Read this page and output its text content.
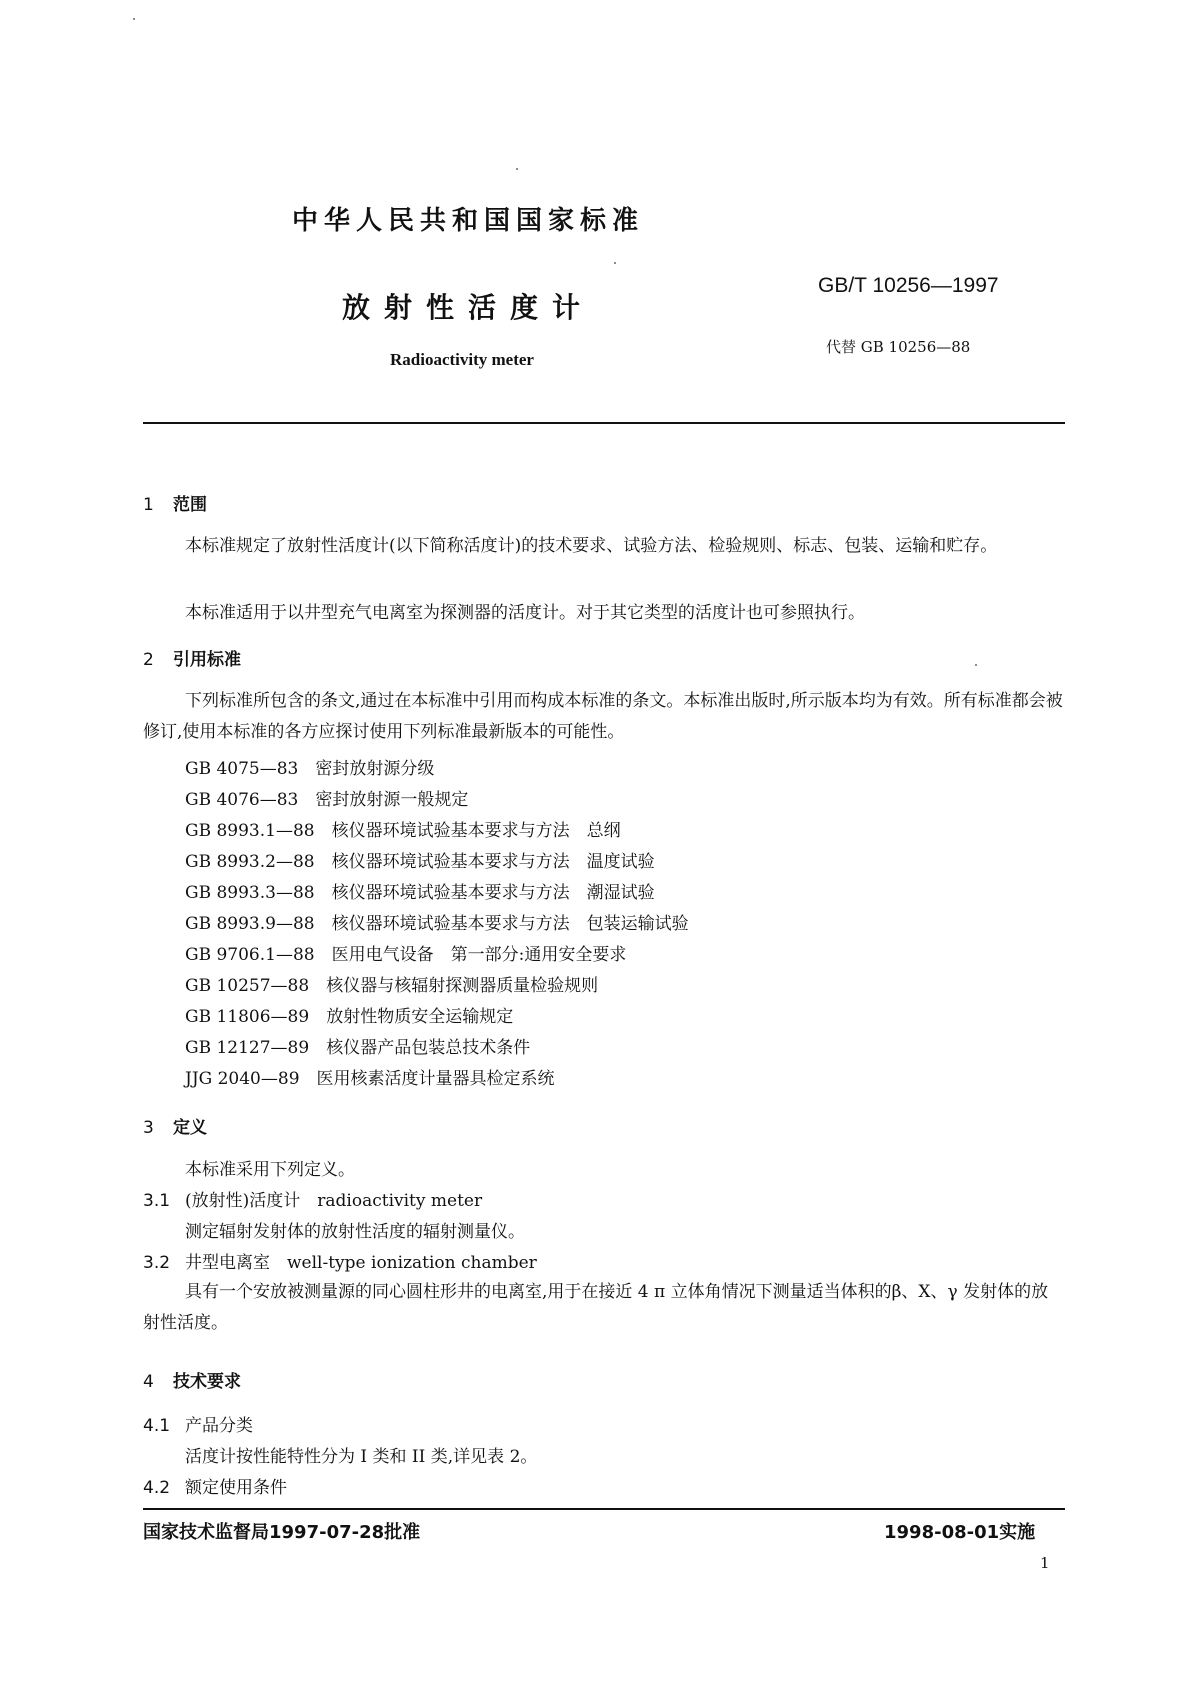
中华人民共和国国家标准
放射性活度计
Radioactivity meter
GB/T 10256—1997
代替 GB 10256—88
1 范围
本标准规定了放射性活度计(以下简称活度计)的技术要求、试验方法、检验规则、标志、包装、运输和贮存。
本标准适用于以井型充气电离室为探测器的活度计。对于其它类型的活度计也可参照执行。
2 引用标准
下列标准所包含的条文,通过在本标准中引用而构成本标准的条文。本标准出版时,所示版本均为有效。所有标准都会被修订,使用本标准的各方应探讨使用下列标准最新版本的可能性。
GB 4075—83　密封放射源分级
GB 4076—83　密封放射源一般规定
GB 8993.1—88　核仪器环境试验基本要求与方法　总纲
GB 8993.2—88　核仪器环境试验基本要求与方法　温度试验
GB 8993.3—88　核仪器环境试验基本要求与方法　潮湿试验
GB 8993.9—88　核仪器环境试验基本要求与方法　包装运输试验
GB 9706.1—88　医用电气设备　第一部分:通用安全要求
GB 10257—88　核仪器与核辐射探测器质量检验规则
GB 11806—89　放射性物质安全运输规定
GB 12127—89　核仪器产品包装总技术条件
JJG 2040—89　医用核素活度计量器具检定系统
3 定义
本标准采用下列定义。
3.1 (放射性)活度计　radioactivity meter
测定辐射发射体的放射性活度的辐射测量仪。
3.2 井型电离室　well-type ionization chamber
具有一个安放被测量源的同心圆柱形井的电离室,用于在接近 4 π 立体角情况下测量适当体积的β、X、γ 发射体的放射性活度。
4 技术要求
4.1 产品分类
活度计按性能特性分为 I 类和 II 类,详见表 2。
4.2 额定使用条件
国家技术监督局1997-07-28批准	1998-08-01实施
1
